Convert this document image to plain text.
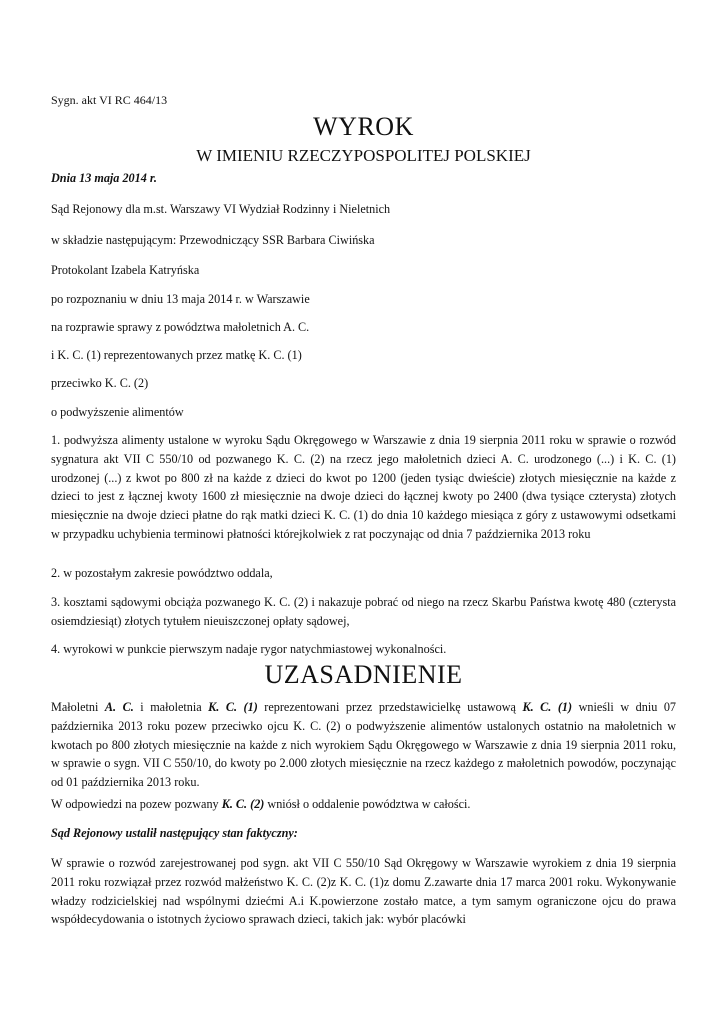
Sygn. akt VI RC 464/13
WYROK
W IMIENIU RZECZYPOSPOLITEJ POLSKIEJ
Dnia 13 maja 2014 r.
Sąd Rejonowy dla m.st. Warszawy VI Wydział Rodzinny i Nieletnich
w składzie następującym: Przewodniczący SSR Barbara Ciwińska
Protokolant Izabela Katryńska
po rozpoznaniu w dniu 13 maja 2014 r. w Warszawie
na rozprawie sprawy z powództwa małoletnich A. C.
i K. C. (1) reprezentowanych przez matkę K. C. (1)
przeciwko K. C. (2)
o podwyższenie alimentów
1. podwyższa alimenty ustalone w wyroku Sądu Okręgowego w Warszawie z dnia 19 sierpnia 2011 roku w sprawie o rozwód sygnatura akt VII C 550/10 od pozwanego K. C. (2) na rzecz jego małoletnich dzieci A. C. urodzonego (...) i K. C. (1) urodzonej (...) z kwot po 800 zł na każde z dzieci do kwot po 1200 (jeden tysiąc dwieście) złotych miesięcznie na każde z dzieci to jest z łącznej kwoty 1600 zł miesięcznie na dwoje dzieci do łącznej kwoty po 2400 (dwa tysiące czterysta) złotych miesięcznie na dwoje dzieci płatne do rąk matki dzieci K. C. (1) do dnia 10 każdego miesiąca z góry z ustawowymi odsetkami w przypadku uchybienia terminowi płatności którejkolwiek z rat poczynając od dnia 7 października 2013 roku
2. w pozostałym zakresie powództwo oddala,
3. kosztami sądowymi obciąża pozwanego K. C. (2) i nakazuje pobrać od niego na rzecz Skarbu Państwa kwotę 480 (czterysta osiemdziesiąt) złotych tytułem nieuiszczonej opłaty sądowej,
4. wyrokowi w punkcie pierwszym nadaje rygor natychmiastowej wykonalności.
UZASADNIENIE
Małoletni A. C. i małoletnia K. C. (1) reprezentowani przez przedstawicielkę ustawową K. C. (1) wnieśli w dniu 07 października 2013 roku pozew przeciwko ojcu K. C. (2) o podwyższenie alimentów ustalonych ostatnio na małoletnich w kwotach po 800 złotych miesięcznie na każde z nich wyrokiem Sądu Okręgowego w Warszawie z dnia 19 sierpnia 2011 roku, w sprawie o sygn. VII C 550/10, do kwoty po 2.000 złotych miesięcznie na rzecz każdego z małoletnich powodów, poczynając od 01 października 2013 roku.
W odpowiedzi na pozew pozwany K. C. (2) wniósł o oddalenie powództwa w całości.
Sąd Rejonowy ustalił następujący stan faktyczny:
W sprawie o rozwód zarejestrowanej pod sygn. akt VII C 550/10 Sąd Okręgowy w Warszawie wyrokiem z dnia 19 sierpnia 2011 roku rozwiązał przez rozwód małżeństwo K. C. (2)z K. C. (1)z domu Z.zawarte dnia 17 marca 2001 roku. Wykonywanie władzy rodzicielskiej nad wspólnymi dziećmi A.i K.powierzone zostało matce, a tym samym ograniczone ojcu do prawa współdecydowania o istotnych życiowo sprawach dzieci, takich jak: wybór placówki
